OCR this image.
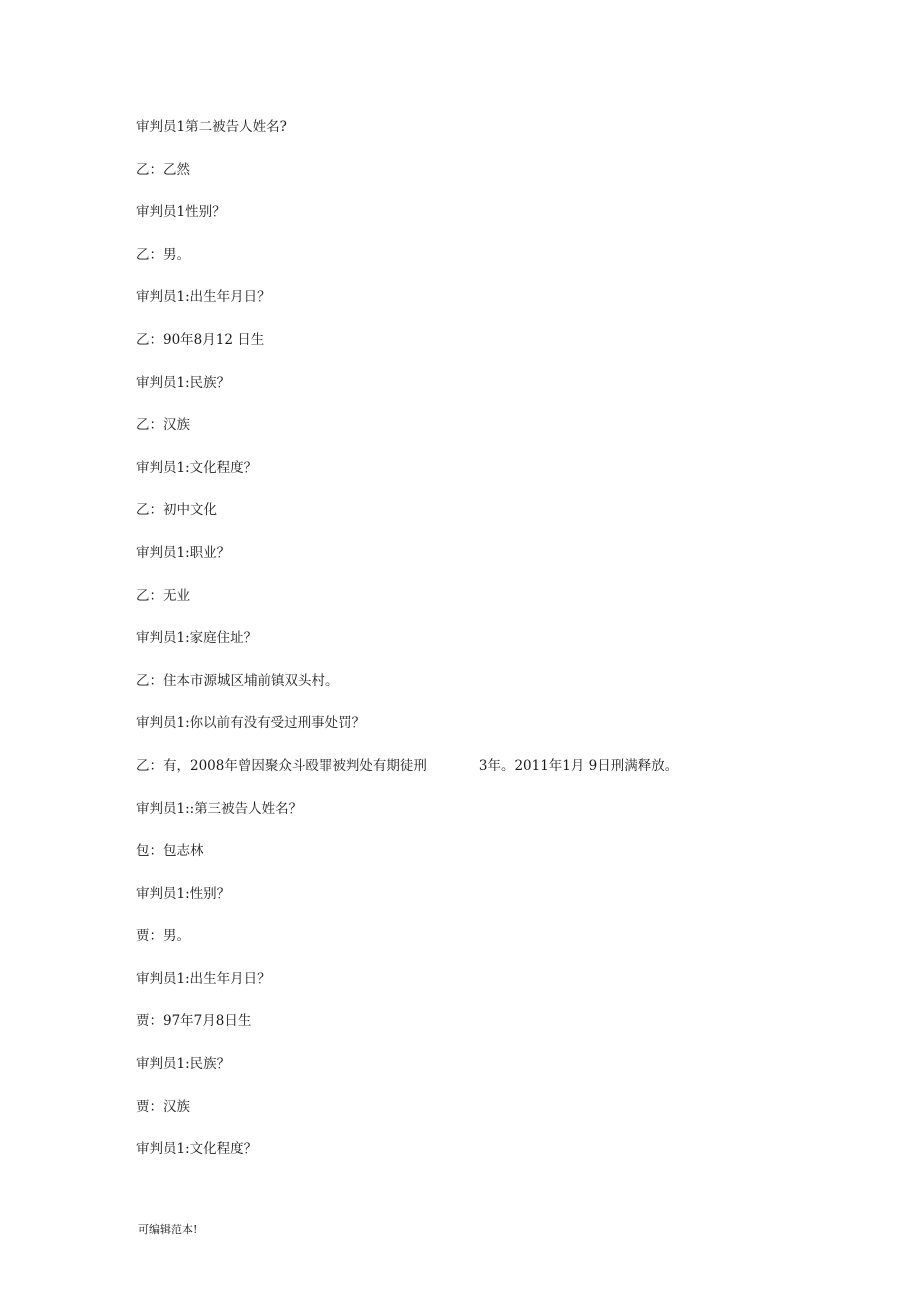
审判员1第二被告人姓名?
乙：乙然
审判员1性别？
乙：男。
审判员1:出生年月日？
乙：90年8月12 日生
审判员1:民族？
乙：汉族
审判员1:文化程度？
乙：初中文化
审判员1:职业？
乙：无业
审判员1:家庭住址？
乙：住本市源城区埔前镇双头村。
审判员1:你以前有没有受过刑事处罚？
乙：有，2008年曾因聚众斗殴罪被判处有期徒刑	3年。2011年1月 9日刑满释放。
审判员1::第三被告人姓名？
包：包志林
审判员1:性别？
贾：男。
审判员1:出生年月日？
贾：97年7月8日生
审判员1:民族？
贾：汉族
审判员1:文化程度？
可编辑范本!
